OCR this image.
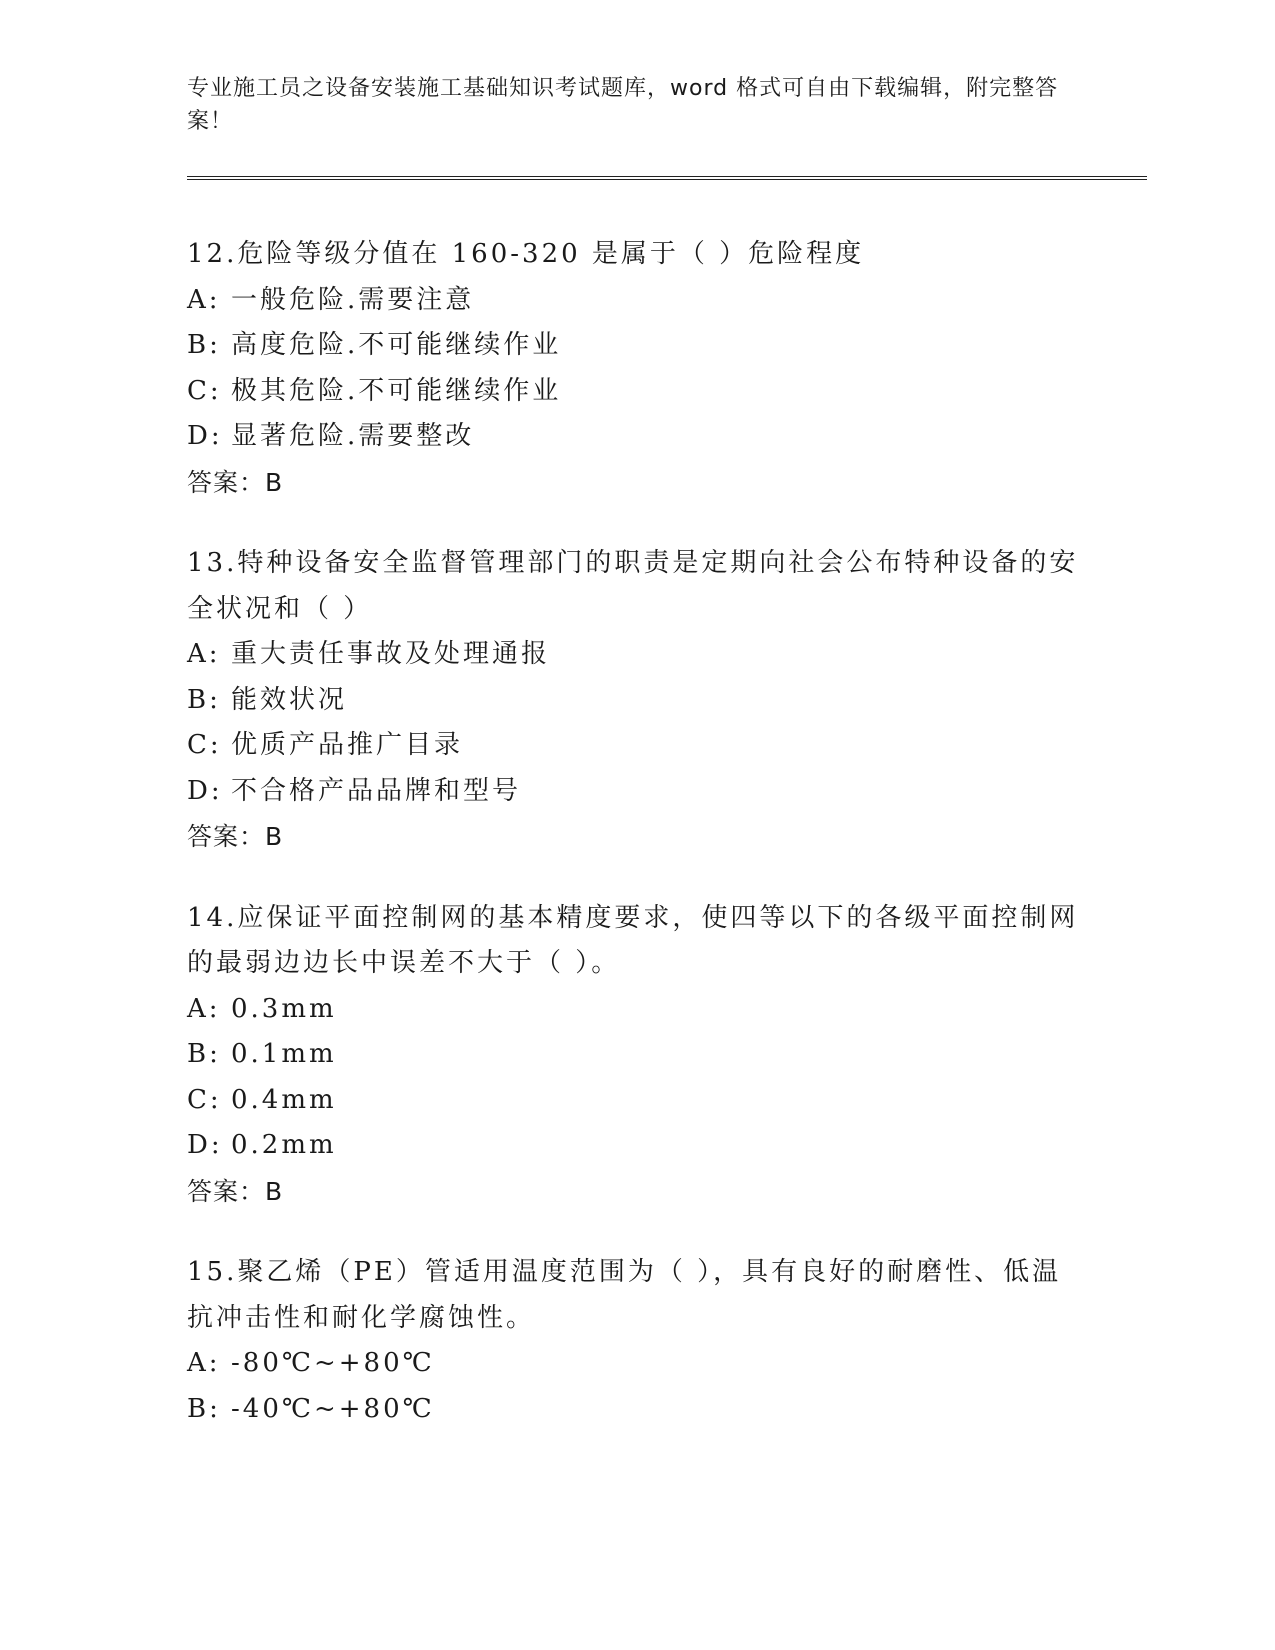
专业施工员之设备安装施工基础知识考试题库，word 格式可自由下载编辑，附完整答案！
12.危险等级分值在 160-320 是属于（ ）危险程度
A: 一般危险.需要注意
B: 高度危险.不可能继续作业
C: 极其危险.不可能继续作业
D: 显著危险.需要整改
答案：B
13.特种设备安全监督管理部门的职责是定期向社会公布特种设备的安全状况和（ ）
A: 重大责任事故及处理通报
B: 能效状况
C: 优质产品推广目录
D: 不合格产品品牌和型号
答案：B
14.应保证平面控制网的基本精度要求，使四等以下的各级平面控制网的最弱边边长中误差不大于（ ）。
A: 0.3mm
B: 0.1mm
C: 0.4mm
D: 0.2mm
答案：B
15.聚乙烯（PE）管适用温度范围为（ ），具有良好的耐磨性、低温抗冲击性和耐化学腐蚀性。
A: -80℃~+80℃
B: -40℃~+80℃
